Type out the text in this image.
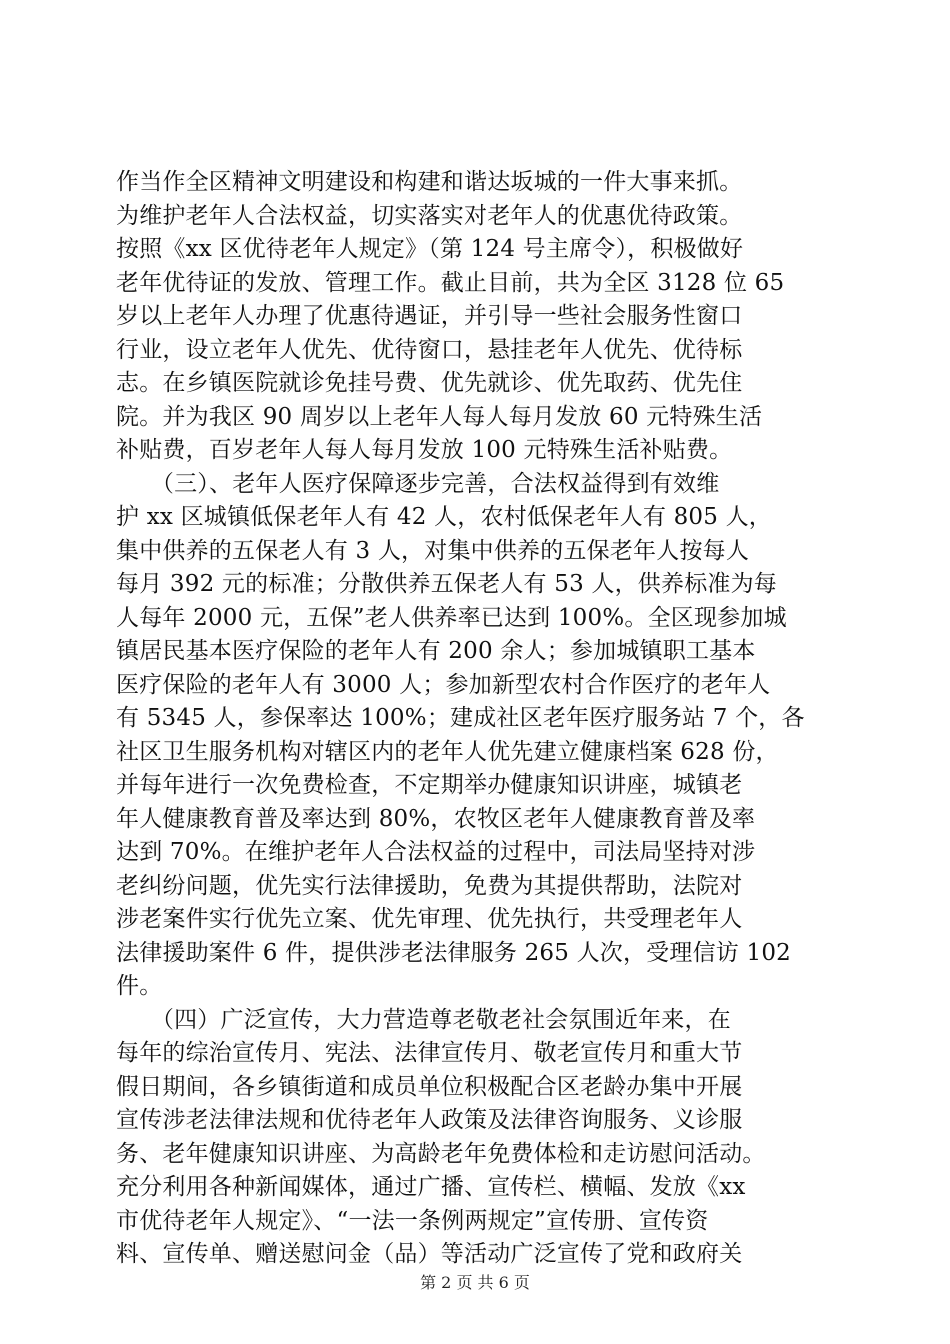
作当作全区精神文明建设和构建和谐达坂城的一件大事来抓。
为维护老年人合法权益，切实落实对老年人的优惠优待政策。
按照《xx 区优待老年人规定》（第 124 号主席令），积极做好
老年优待证的发放、管理工作。截止目前，共为全区 3128 位 65
岁以上老年人办理了优惠待遇证，并引导一些社会服务性窗口
行业，设立老年人优先、优待窗口，悬挂老年人优先、优待标
志。在乡镇医院就诊免挂号费、优先就诊、优先取药、优先住
院。并为我区 90 周岁以上老年人每人每月发放 60 元特殊生活
补贴费，百岁老年人每人每月发放 100 元特殊生活补贴费。
　　（三）、老年人医疗保障逐步完善，合法权益得到有效维
护 xx 区城镇低保老年人有 42 人，农村低保老年人有 805 人，
集中供养的五保老人有 3 人，对集中供养的五保老年人按每人
每月 392 元的标准；分散供养五保老人有 53 人，供养标准为每
人每年 2000 元，五保”老人供养率已达到 100%。全区现参加城
镇居民基本医疗保险的老年人有 200 余人；参加城镇职工基本
医疗保险的老年人有 3000 人；参加新型农村合作医疗的老年人
有 5345 人，参保率达 100%；建成社区老年医疗服务站 7 个，各
社区卫生服务机构对辖区内的老年人优先建立健康档案 628 份，
并每年进行一次免费检查，不定期举办健康知识讲座，城镇老
年人健康教育普及率达到 80%，农牧区老年人健康教育普及率
达到 70%。在维护老年人合法权益的过程中，司法局坚持对涉
老纠纷问题，优先实行法律援助，免费为其提供帮助，法院对
涉老案件实行优先立案、优先审理、优先执行，共受理老年人
法律援助案件 6 件，提供涉老法律服务 265 人次，受理信访 102
件。
　　（四）广泛宣传，大力营造尊老敬老社会氛围近年来，在
每年的综治宣传月、宪法、法律宣传月、敬老宣传月和重大节
假日期间，各乡镇街道和成员单位积极配合区老龄办集中开展
宣传涉老法律法规和优待老年人政策及法律咨询服务、义诊服
务、老年健康知识讲座、为高龄老年免费体检和走访慰问活动。
充分利用各种新闻媒体，通过广播、宣传栏、横幅、发放《xx
市优待老年人规定》、“一法一条例两规定”宣传册、宣传资
料、宣传单、赠送慰问金（品）等活动广泛宣传了党和政府关
第 2 页 共 6 页
